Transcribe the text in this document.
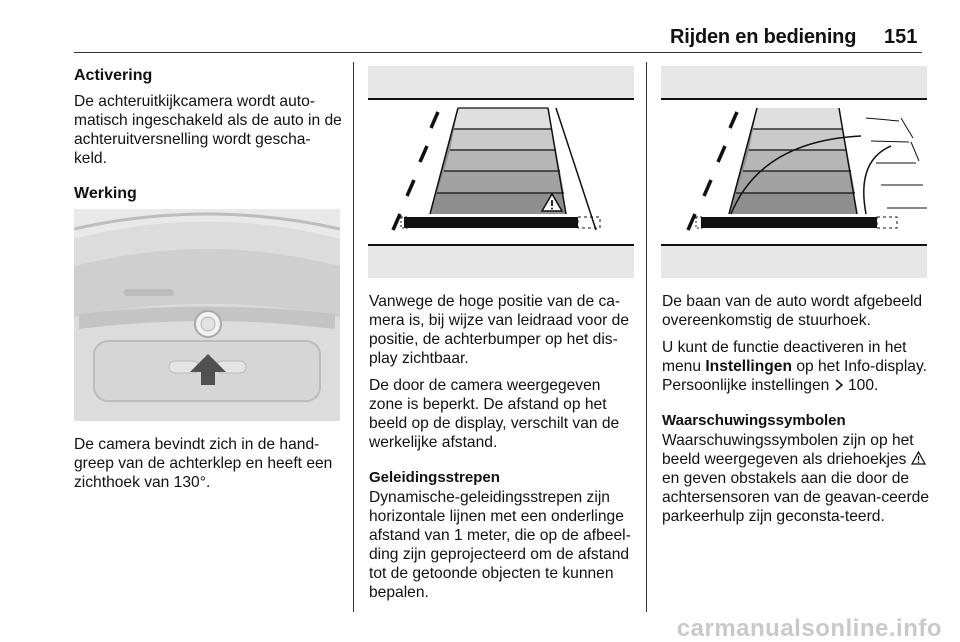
Rijden en bediening 151
Activering

De achteruitkijkcamera wordt auto-matisch ingeschakeld als de auto in de achteruitversnelling wordt gescha-keld.

Werking

De camera bevindt zich in de hand-greep van de achterklep en heeft een zichthoek van 130°.

Vanwege de hoge positie van de ca-mera is, bij wijze van leidraad voor de positie, de achterbumper op het dis-play zichtbaar.

De door de camera weergegeven zone is beperkt. De afstand op het beeld op de display, verschilt van de werkelijke afstand.

Geleidingsstrepen

Dynamische-geleidingsstrepen zijn horizontale lijnen met een onderlinge afstand van 1 meter, die op de afbeel-ding zijn geprojecteerd om de afstand tot de getoonde objecten te kunnen bepalen.

De baan van de auto wordt afgebeeld overeenkomstig de stuurhoek.

U kunt de functie deactiveren in het menu Instellingen op het Info-display. Persoonlijke instellingen  100.

Waarschuwingssymbolen

Waarschuwingssymbolen zijn op het beeld weergegeven als driehoekjes en geven obstakels aan die door de achtersensoren van de geavan-ceerde parkeerhulp zijn geconsta-teerd.

carmanualsonline.info
